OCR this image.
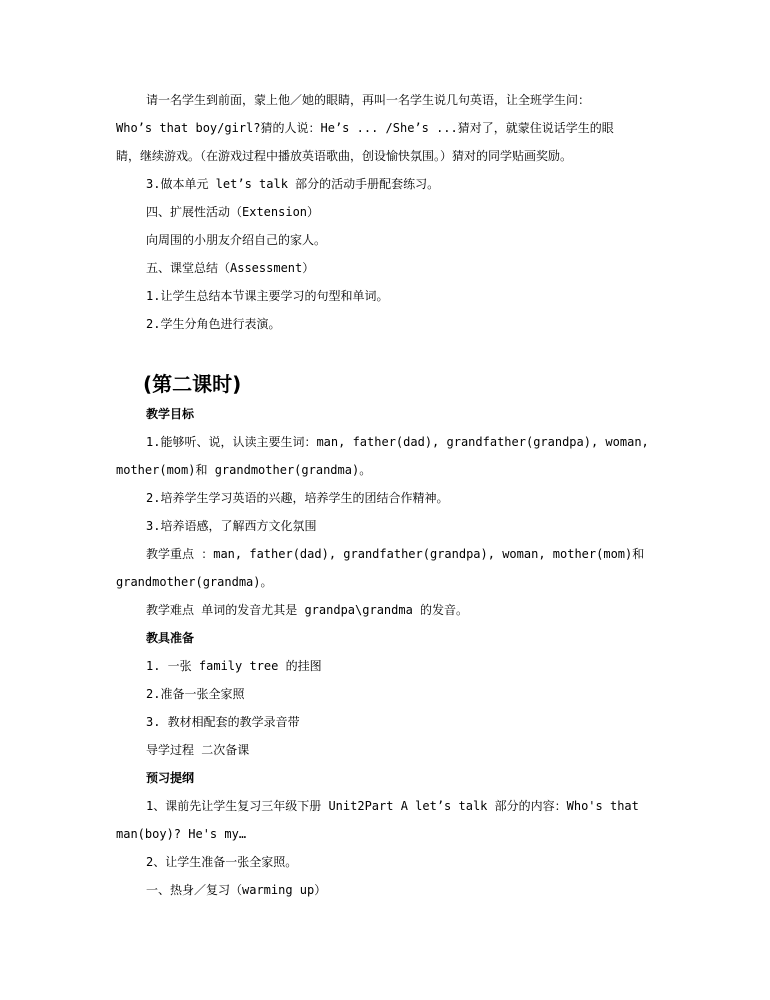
请一名学生到前面，蒙上他／她的眼睛，再叫一名学生说几句英语，让全班学生问：
Who’s that boy/girl?猜的人说：He’s ... /She’s ...猜对了，就蒙住说话学生的眼
睛，继续游戏。（在游戏过程中播放英语歌曲，创设愉快氛围。）猜对的同学贴画奖励。
3.做本单元 let’s talk 部分的活动手册配套练习。
四、扩展性活动（Extension）
向周围的小朋友介绍自己的家人。
五、课堂总结（Assessment）
1.让学生总结本节课主要学习的句型和单词。
2.学生分角色进行表演。
(第二课时)
教学目标
1.能够听、说，认读主要生词：man, father(dad), grandfather(grandpa), woman,
mother(mom)和 grandmother(grandma)。
2.培养学生学习英语的兴趣，培养学生的团结合作精神。
3.培养语感，了解西方文化氛围
教学重点 ：man, father(dad), grandfather(grandpa), woman, mother(mom)和
grandmother(grandma)。
教学难点 单词的发音尤其是 grandpa\grandma 的发音。
教具准备
1. 一张 family tree 的挂图
2.准备一张全家照
3. 教材相配套的教学录音带
导学过程 二次备课
预习提纲
1、课前先让学生复习三年级下册 Unit2Part A let’s talk 部分的内容：Who's that
man(boy)? He's my…
2、让学生准备一张全家照。
一、热身／复习（warming up）
